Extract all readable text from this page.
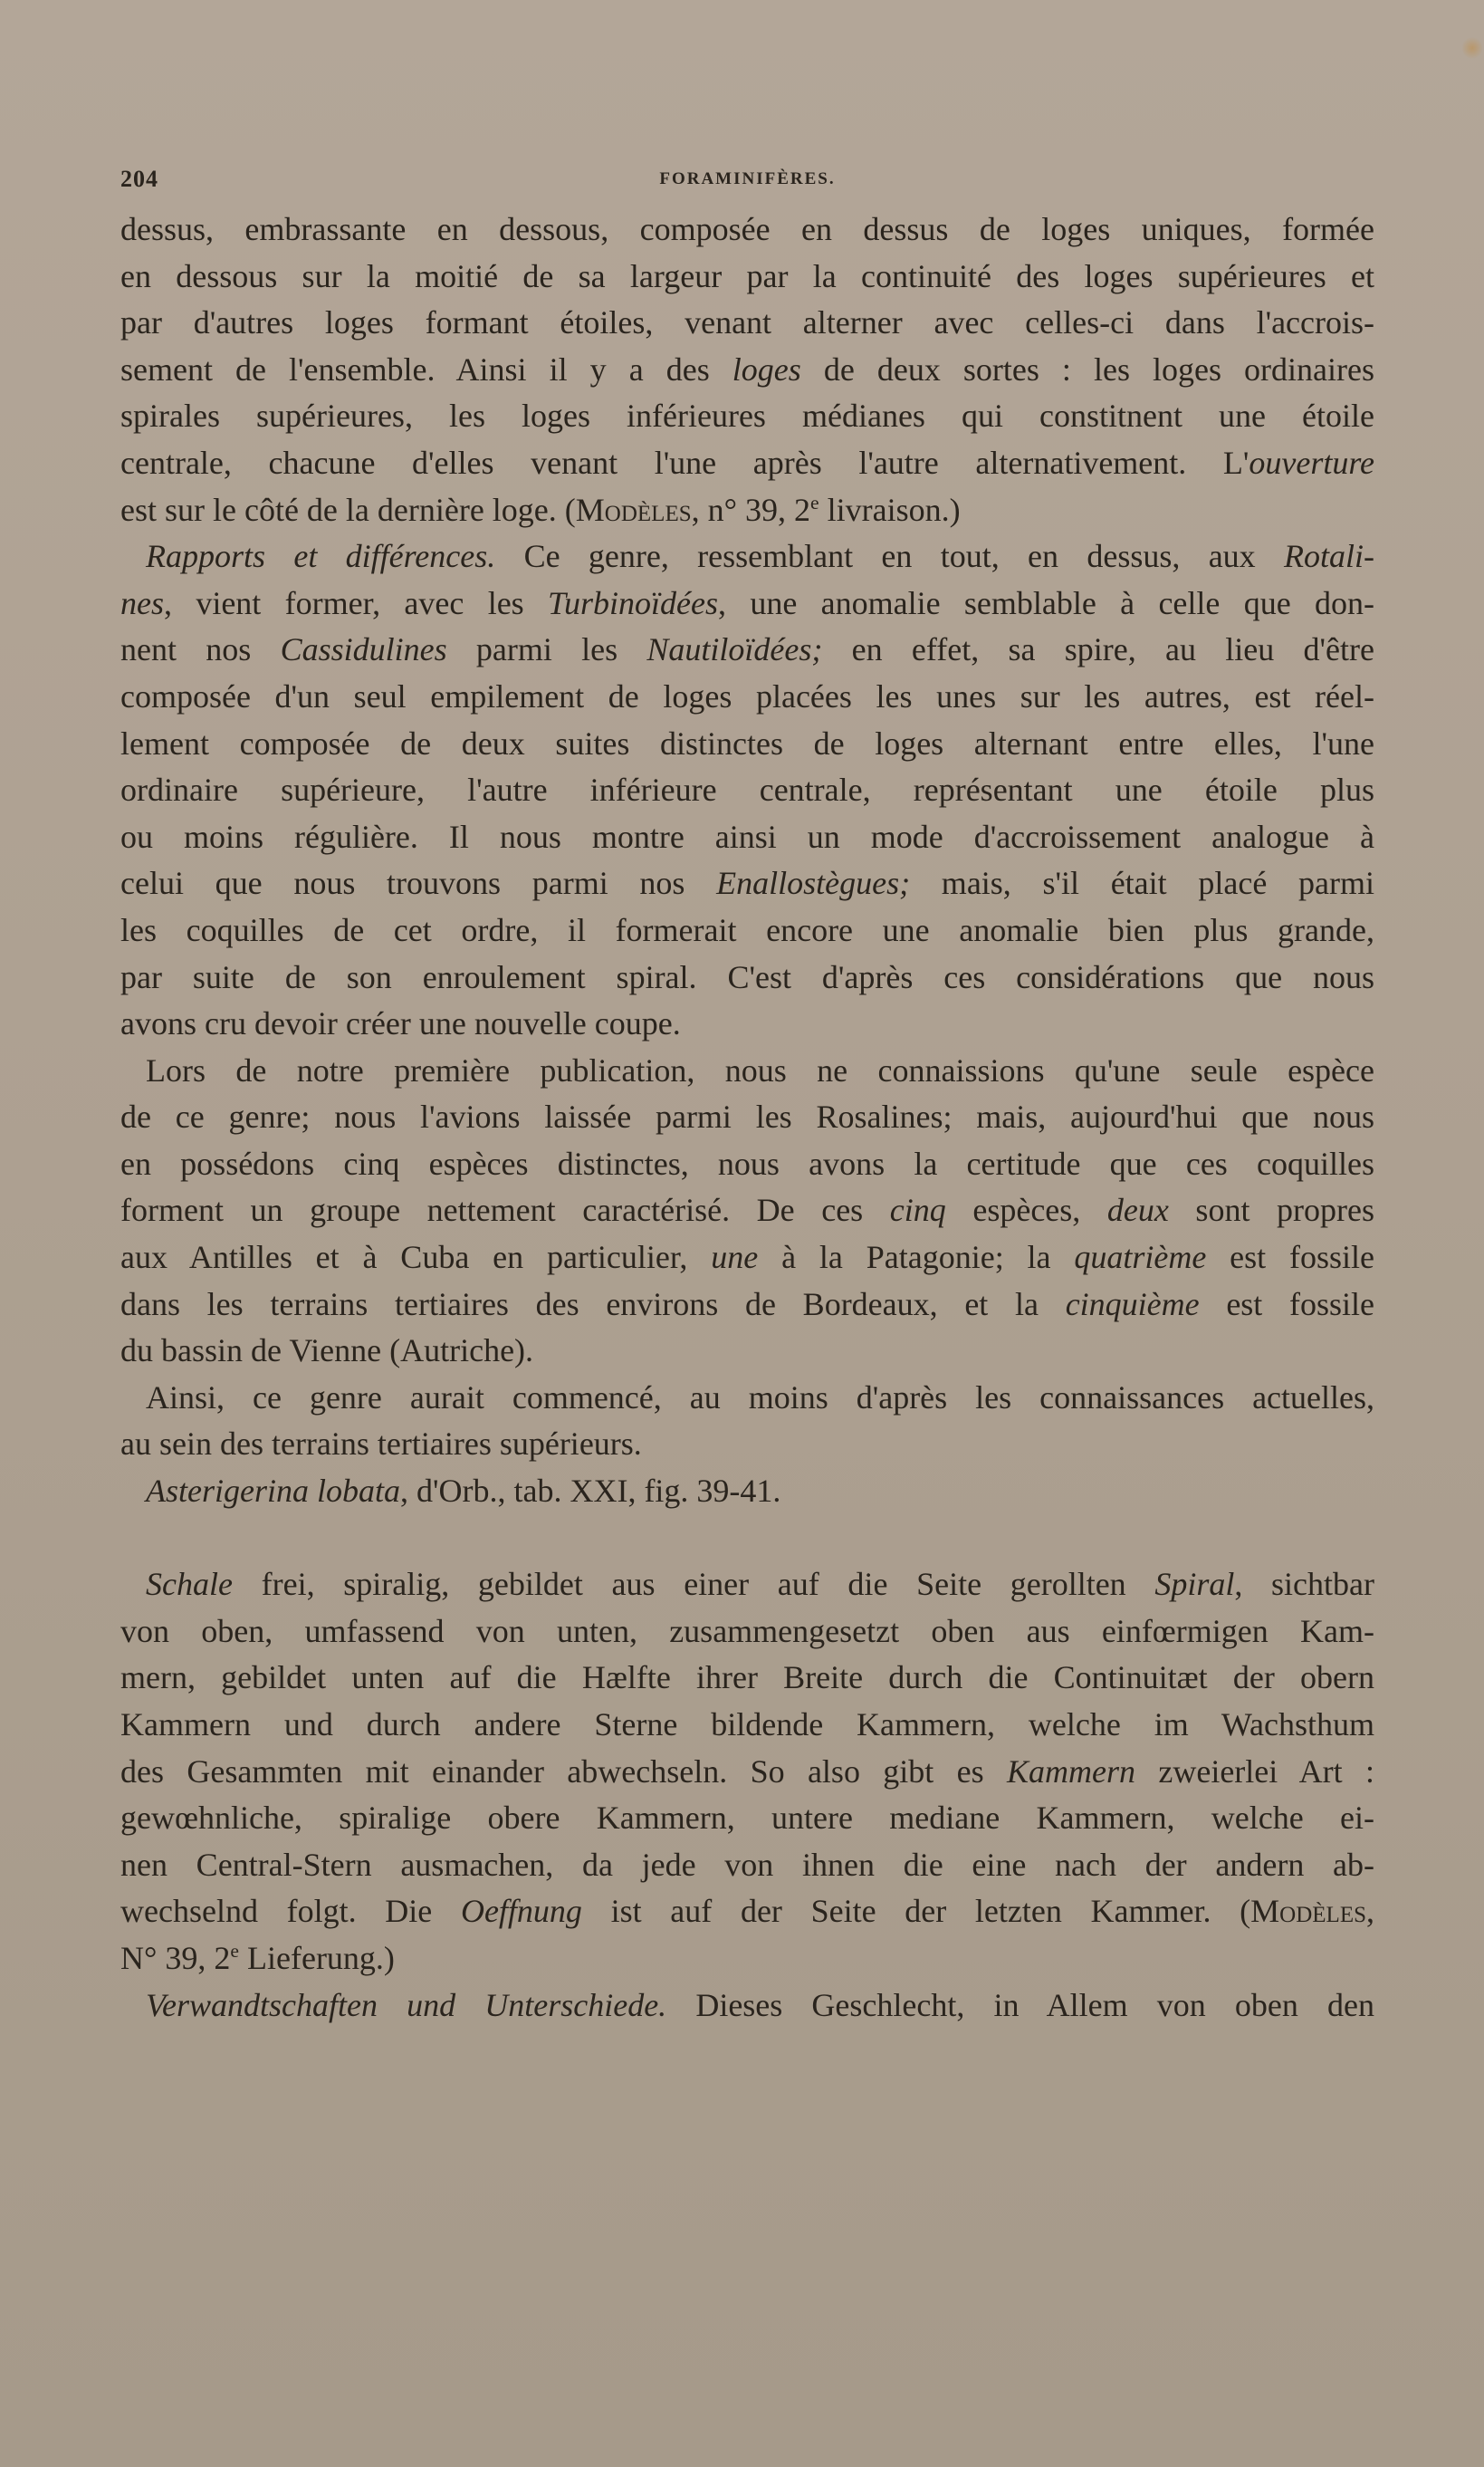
204	FORAMINIFÈRES.
dessus, embrassante en dessous, composée en dessus de loges uniques, formée
en dessous sur la moitié de sa largeur par la continuité des loges supérieures et
par d'autres loges formant étoiles, venant alterner avec celles-ci dans l'accrois-
sement de l'ensemble. Ainsi il y a des loges de deux sortes : les loges ordinaires
spirales supérieures, les loges inférieures médianes qui constitnent une étoile
centrale, chacune d'elles venant l'une après l'autre alternativement. L'ouverture
est sur le côté de la dernière loge. (Modèles, n° 39, 2e livraison.)
Rapports et différences. Ce genre, ressemblant en tout, en dessus, aux Rotali-
nes, vient former, avec les Turbinoïdées, une anomalie semblable à celle que don-
nent nos Cassidulines parmi les Nautiloïdées; en effet, sa spire, au lieu d'être
composée d'un seul empilement de loges placées les unes sur les autres, est réel-
lement composée de deux suites distinctes de loges alternant entre elles, l'une
ordinaire supérieure, l'autre inférieure centrale, représentant une étoile plus
ou moins régulière. Il nous montre ainsi un mode d'accroissement analogue à
celui que nous trouvons parmi nos Enallostègues; mais, s'il était placé parmi
les coquilles de cet ordre, il formerait encore une anomalie bien plus grande,
par suite de son enroulement spiral. C'est d'après ces considérations que nous
avons cru devoir créer une nouvelle coupe.
Lors de notre première publication, nous ne connaissions qu'une seule espèce
de ce genre; nous l'avions laissée parmi les Rosalines; mais, aujourd'hui que nous
en possédons cinq espèces distinctes, nous avons la certitude que ces coquilles
forment un groupe nettement caractérisé. De ces cinq espèces, deux sont propres
aux Antilles et à Cuba en particulier, une à la Patagonie; la quatrième est fossile
dans les terrains tertiaires des environs de Bordeaux, et la cinquième est fossile
du bassin de Vienne (Autriche).
Ainsi, ce genre aurait commencé, au moins d'après les connaissances actuelles,
au sein des terrains tertiaires supérieurs.
Asterigerina lobata, d'Orb., tab. XXI, fig. 39-41.
Schale frei, spiralig, gebildet aus einer auf die Seite gerollten Spiral, sichtbar
von oben, umfassend von unten, zusammengesetzt oben aus einfœrmigen Kam-
mern, gebildet unten auf die Hælfte ihrer Breite durch die Continuitæt der obern
Kammern und durch andere Sterne bildende Kammern, welche im Wachsthum
des Gesammten mit einander abwechseln. So also gibt es Kammern zweierlei Art :
gewœhnliche, spiralige obere Kammern, untere mediane Kammern, welche ei-
nen Central-Stern ausmachen, da jede von ihnen die eine nach der andern ab-
wechselnd folgt. Die Oeffnung ist auf der Seite der letzten Kammer. (Modèles,
N° 39, 2e Lieferung.)
Verwandtschaften und Unterschiede. Dieses Geschlecht, in Allem von oben den
